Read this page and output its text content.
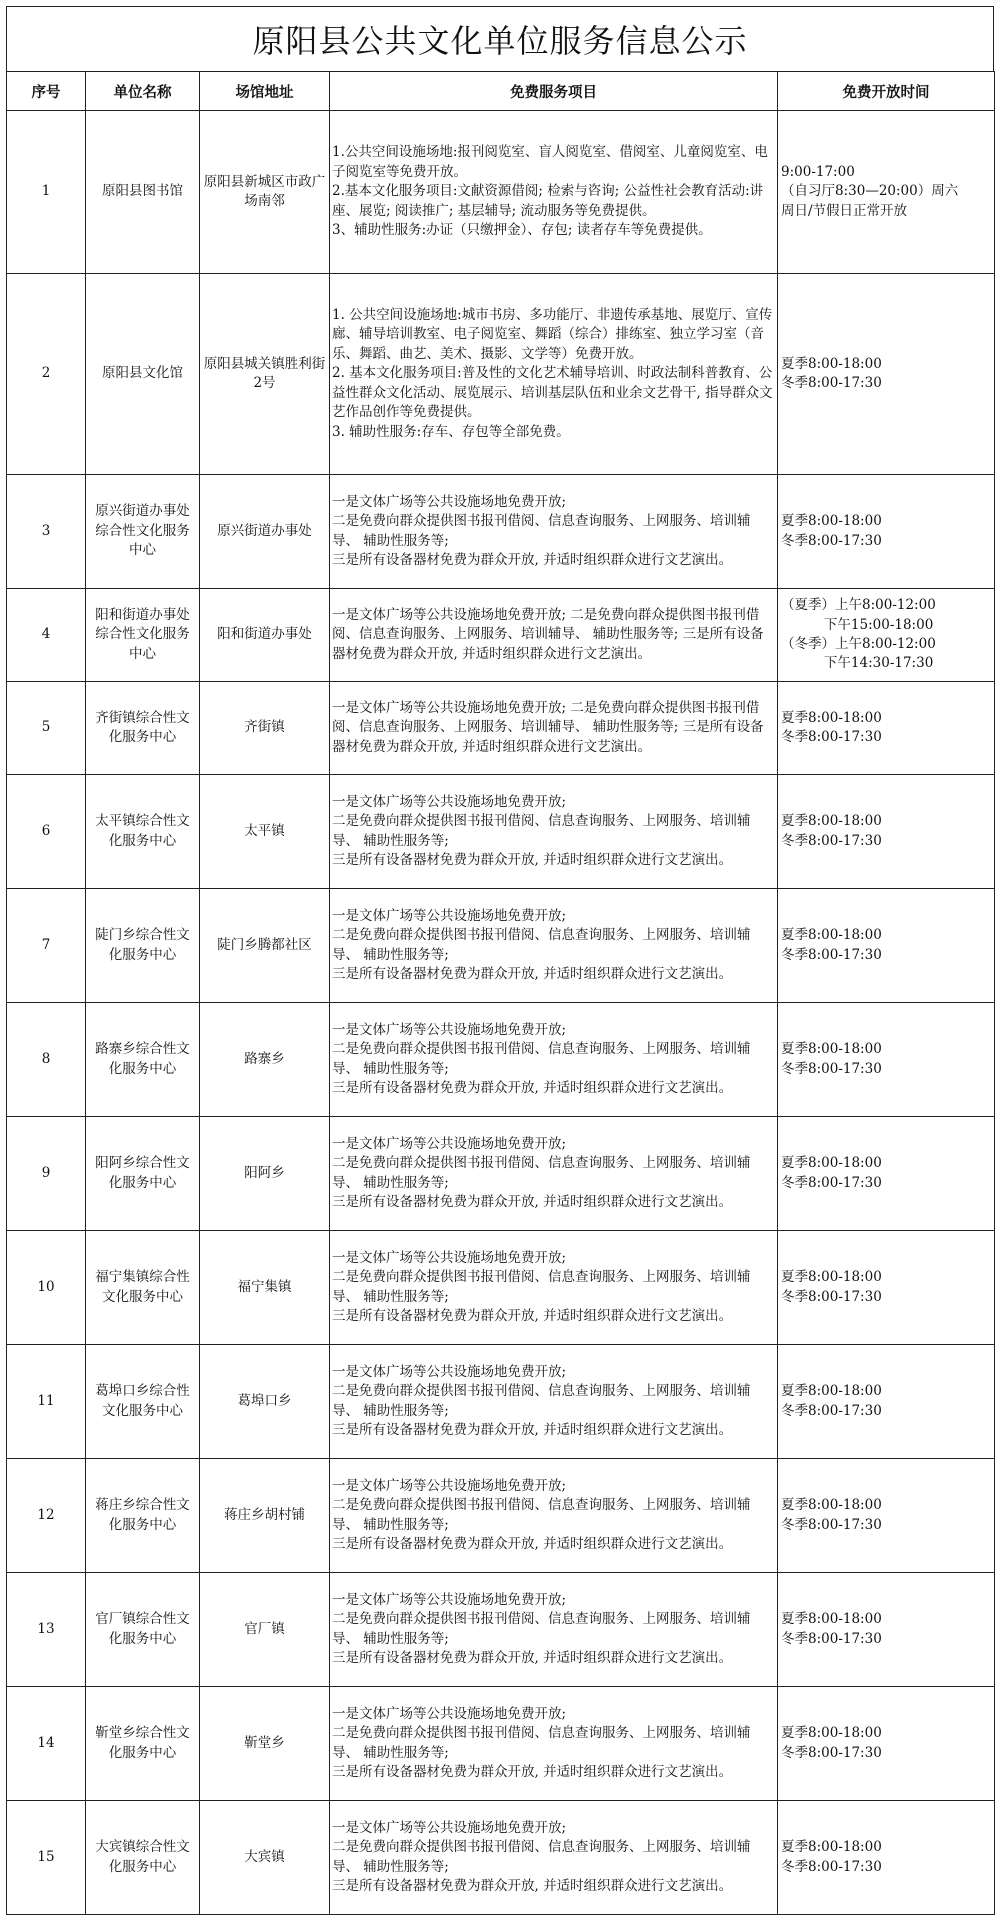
原阳县公共文化单位服务信息公示
序号	单位名称	场馆地址	免费服务项目	免费开放时间
1	原阳县图书馆	原阳县新城区市政广场南邻	1.公共空间设施场地:报刊阅览室、盲人阅览室、借阅室、儿童阅览室、电子阅览室等免费开放。
2.基本文化服务项目:文献资源借阅; 检索与咨询; 公益性社会教育活动:讲座、展览; 阅读推广; 基层辅导; 流动服务等免费提供。
3、辅助性服务:办证（只缴押金）、存包; 读者存车等免费提供。	9:00-17:00
（自习厅8:30—20:00）周六
周日/节假日正常开放
2	原阳县文化馆	原阳县城关镇胜利街2号	1. 公共空间设施场地:城市书房、多功能厅、非遗传承基地、展览厅、宣传廊、辅导培训教室、电子阅览室、舞蹈（综合）排练室、独立学习室（音乐、舞蹈、曲艺、美术、摄影、文学等）免费开放。
2. 基本文化服务项目:普及性的文化艺术辅导培训、时政法制科普教育、公益性群众文化活动、展览展示、培训基层队伍和业余文艺骨干, 指导群众文艺作品创作等免费提供。
3. 辅助性服务:存车、存包等全部免费。	夏季8:00-18:00
冬季8:00-17:30
3	原兴街道办事处综合性文化服务中心	原兴街道办事处	一是文体广场等公共设施场地免费开放;
二是免费向群众提供图书报刊借阅、信息查询服务、上网服务、培训辅导、 辅助性服务等;
三是所有设备器材免费为群众开放, 并适时组织群众进行文艺演出。	夏季8:00-18:00
冬季8:00-17:30
4	阳和街道办事处综合性文化服务中心	阳和街道办事处	一是文体广场等公共设施场地免费开放; 二是免费向群众提供图书报刊借阅、信息查询服务、上网服务、培训辅导、 辅助性服务等; 三是所有设备器材免费为群众开放, 并适时组织群众进行文艺演出。	（夏季）上午8:00-12:00
下午15:00-18:00
（冬季）上午8:00-12:00
下午14:30-17:30
5	齐街镇综合性文化服务中心	齐街镇	一是文体广场等公共设施场地免费开放; 二是免费向群众提供图书报刊借阅、信息查询服务、上网服务、培训辅导、 辅助性服务等; 三是所有设备器材免费为群众开放, 并适时组织群众进行文艺演出。	夏季8:00-18:00
冬季8:00-17:30
6	太平镇综合性文化服务中心	太平镇	一是文体广场等公共设施场地免费开放;
二是免费向群众提供图书报刊借阅、信息查询服务、上网服务、培训辅导、 辅助性服务等;
三是所有设备器材免费为群众开放, 并适时组织群众进行文艺演出。	夏季8:00-18:00
冬季8:00-17:30
7	陡门乡综合性文化服务中心	陡门乡腾都社区	一是文体广场等公共设施场地免费开放;
二是免费向群众提供图书报刊借阅、信息查询服务、上网服务、培训辅导、 辅助性服务等;
三是所有设备器材免费为群众开放, 并适时组织群众进行文艺演出。	夏季8:00-18:00
冬季8:00-17:30
8	路寨乡综合性文化服务中心	路寨乡	一是文体广场等公共设施场地免费开放;
二是免费向群众提供图书报刊借阅、信息查询服务、上网服务、培训辅导、 辅助性服务等;
三是所有设备器材免费为群众开放, 并适时组织群众进行文艺演出。	夏季8:00-18:00
冬季8:00-17:30
9	阳阿乡综合性文化服务中心	阳阿乡	一是文体广场等公共设施场地免费开放;
二是免费向群众提供图书报刊借阅、信息查询服务、上网服务、培训辅导、 辅助性服务等;
三是所有设备器材免费为群众开放, 并适时组织群众进行文艺演出。	夏季8:00-18:00
冬季8:00-17:30
10	福宁集镇综合性文化服务中心	福宁集镇	一是文体广场等公共设施场地免费开放;
二是免费向群众提供图书报刊借阅、信息查询服务、上网服务、培训辅导、 辅助性服务等;
三是所有设备器材免费为群众开放, 并适时组织群众进行文艺演出。	夏季8:00-18:00
冬季8:00-17:30
11	葛埠口乡综合性文化服务中心	葛埠口乡	一是文体广场等公共设施场地免费开放;
二是免费向群众提供图书报刊借阅、信息查询服务、上网服务、培训辅导、 辅助性服务等;
三是所有设备器材免费为群众开放, 并适时组织群众进行文艺演出。	夏季8:00-18:00
冬季8:00-17:30
12	蒋庄乡综合性文化服务中心	蒋庄乡胡村铺	一是文体广场等公共设施场地免费开放;
二是免费向群众提供图书报刊借阅、信息查询服务、上网服务、培训辅导、 辅助性服务等;
三是所有设备器材免费为群众开放, 并适时组织群众进行文艺演出。	夏季8:00-18:00
冬季8:00-17:30
13	官厂镇综合性文化服务中心	官厂镇	一是文体广场等公共设施场地免费开放;
二是免费向群众提供图书报刊借阅、信息查询服务、上网服务、培训辅导、 辅助性服务等;
三是所有设备器材免费为群众开放, 并适时组织群众进行文艺演出。	夏季8:00-18:00
冬季8:00-17:30
14	靳堂乡综合性文化服务中心	靳堂乡	一是文体广场等公共设施场地免费开放;
二是免费向群众提供图书报刊借阅、信息查询服务、上网服务、培训辅导、 辅助性服务等;
三是所有设备器材免费为群众开放, 并适时组织群众进行文艺演出。	夏季8:00-18:00
冬季8:00-17:30
15	大宾镇综合性文化服务中心	大宾镇	一是文体广场等公共设施场地免费开放;
二是免费向群众提供图书报刊借阅、信息查询服务、上网服务、培训辅导、 辅助性服务等;
三是所有设备器材免费为群众开放, 并适时组织群众进行文艺演出。	夏季8:00-18:00
冬季8:00-17:30
